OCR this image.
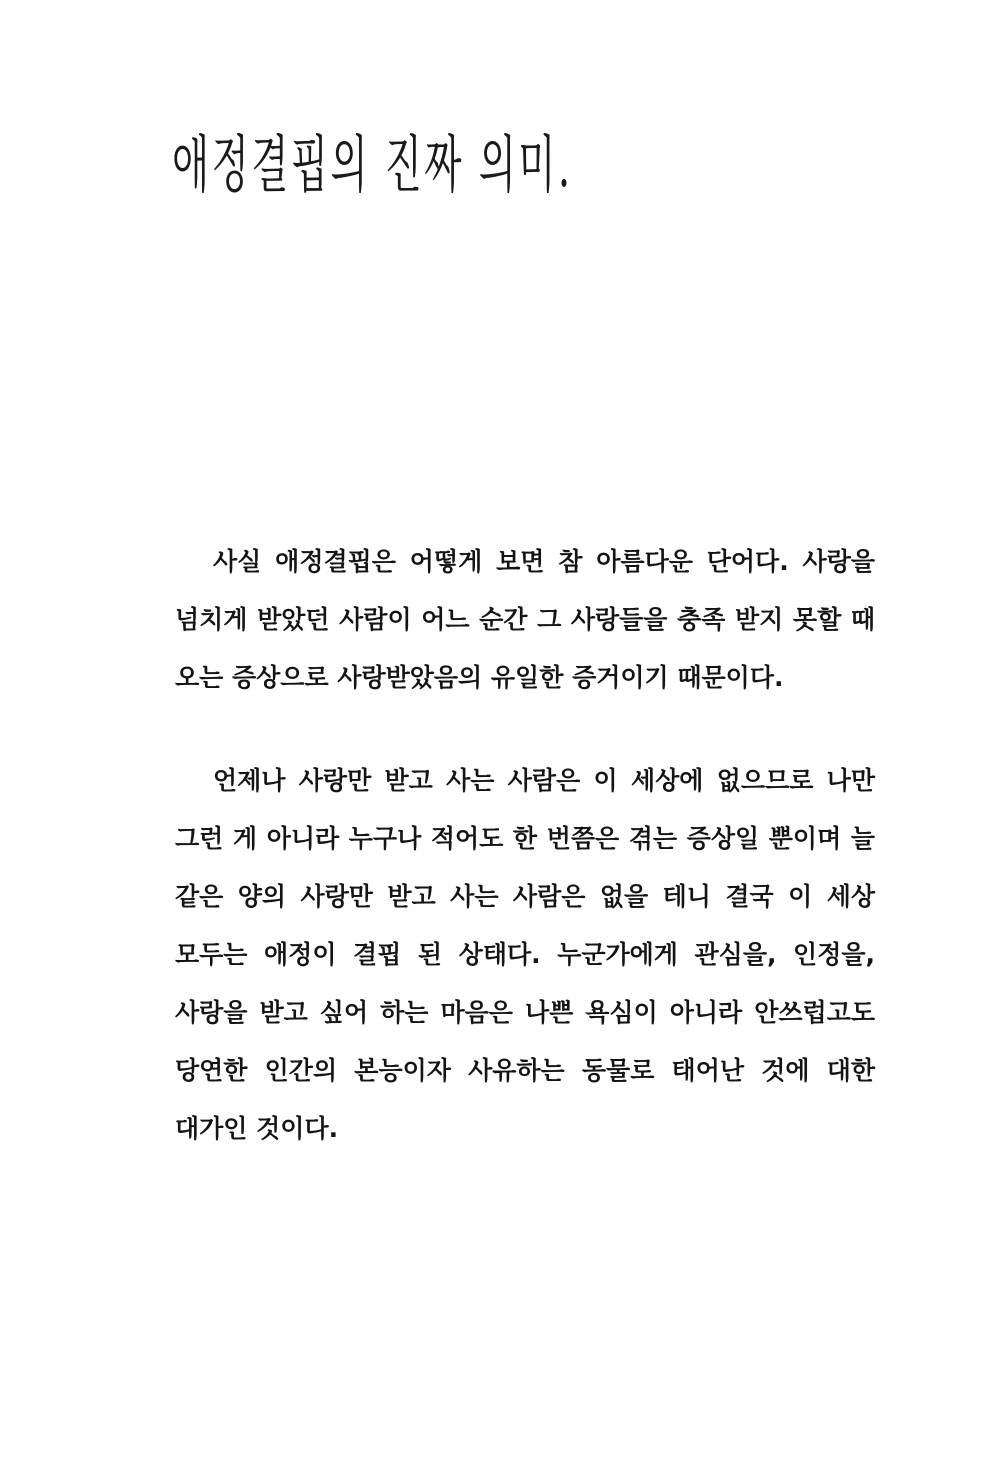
애정결핍의 진짜 의미.

사실 애정결핍은 어떻게 보면 참 아름다운 단어다. 사랑을 넘치게 받았던 사람이 어느 순간 그 사랑들을 충족 받지 못할 때 오는 증상으로 사랑받았음의 유일한 증거이기 때문이다.

언제나 사랑만 받고 사는 사람은 이 세상에 없으므로 나만 그런 게 아니라 누구나 적어도 한 번쯤은 겪는 증상일 뿐이며 늘 같은 양의 사랑만 받고 사는 사람은 없을 테니 결국 이 세상 모두는 애정이 결핍 된 상태다. 누군가에게 관심을, 인정을, 사랑을 받고 싶어 하는 마음은 나쁜 욕심이 아니라 안쓰럽고도 당연한 인간의 본능이자 사유하는 동물로 태어난 것에 대한 대가인 것이다.
